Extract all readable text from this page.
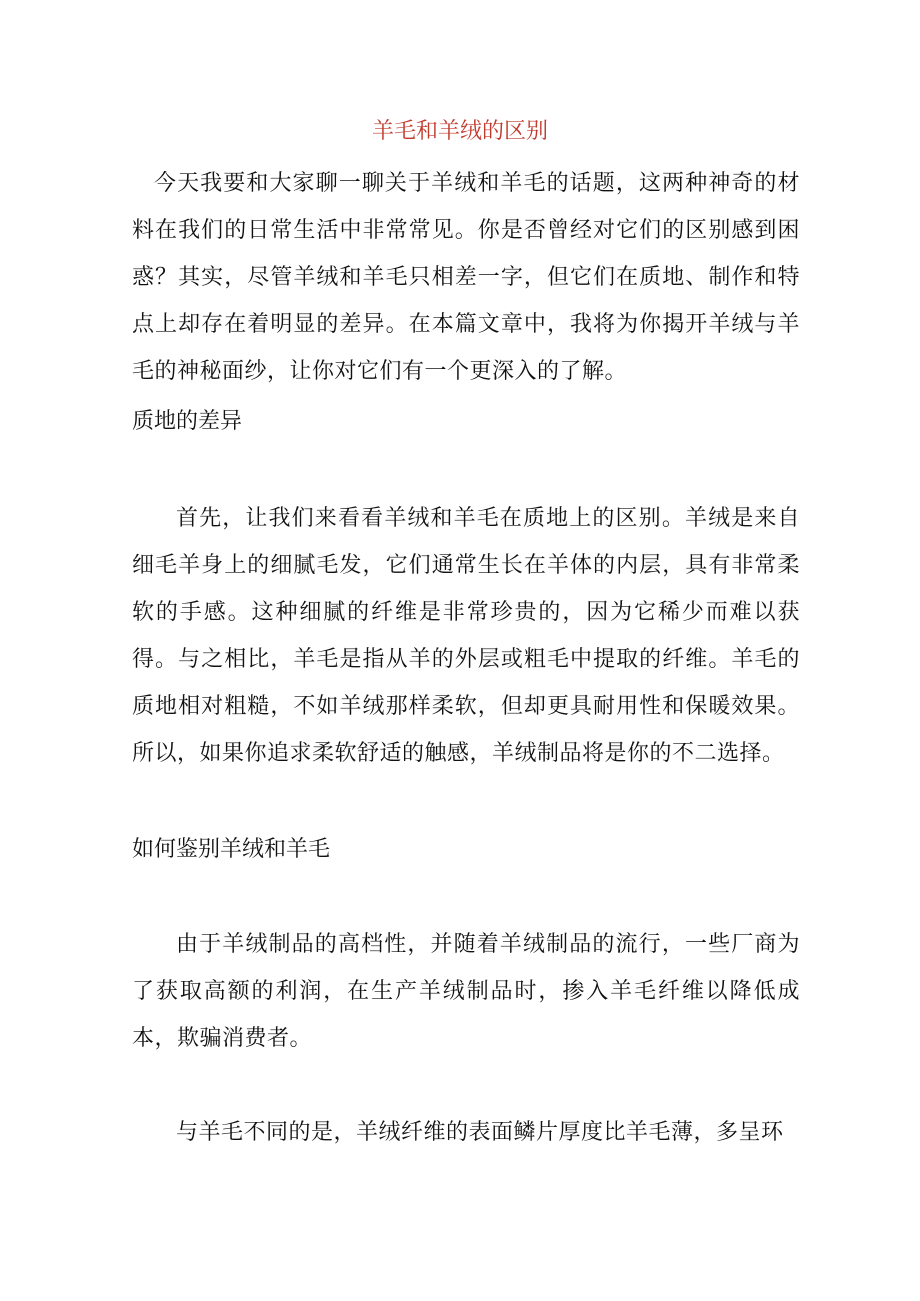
羊毛和羊绒的区别

今天我要和大家聊一聊关于羊绒和羊毛的话题，这两种神奇的材料在我们的日常生活中非常常见。你是否曾经对它们的区别感到困惑？其实，尽管羊绒和羊毛只相差一字，但它们在质地、制作和特点上却存在着明显的差异。在本篇文章中，我将为你揭开羊绒与羊毛的神秘面纱，让你对它们有一个更深入的了解。

质地的差异

首先，让我们来看看羊绒和羊毛在质地上的区别。羊绒是来自细毛羊身上的细腻毛发，它们通常生长在羊体的内层，具有非常柔软的手感。这种细腻的纤维是非常珍贵的，因为它稀少而难以获得。与之相比，羊毛是指从羊的外层或粗毛中提取的纤维。羊毛的质地相对粗糙，不如羊绒那样柔软，但却更具耐用性和保暖效果。所以，如果你追求柔软舒适的触感，羊绒制品将是你的不二选择。

如何鉴别羊绒和羊毛

由于羊绒制品的高档性，并随着羊绒制品的流行，一些厂商为了获取高额的利润，在生产羊绒制品时，掺入羊毛纤维以降低成本，欺骗消费者。

与羊毛不同的是，羊绒纤维的表面鳞片厚度比羊毛薄，多呈环
